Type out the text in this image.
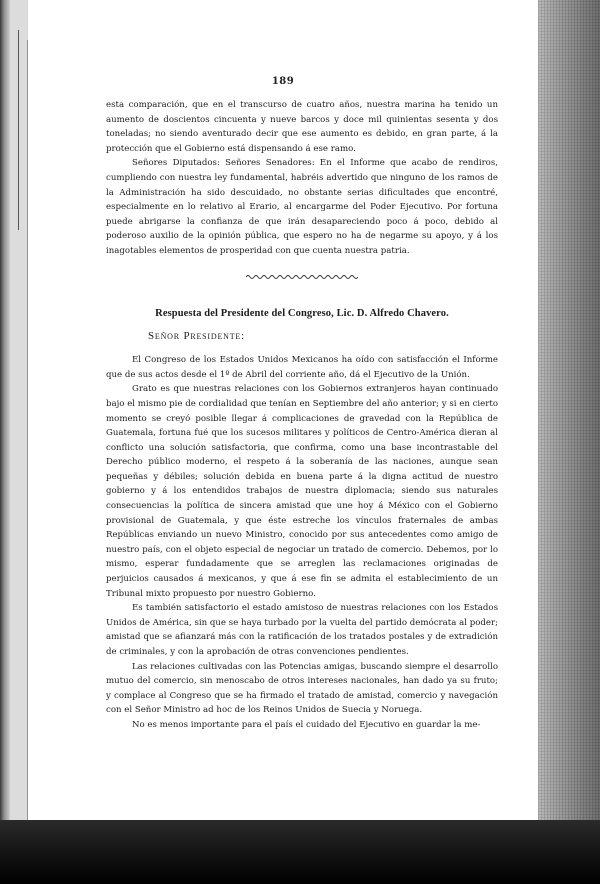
189

esta comparación, que en el transcurso de cuatro años, nuestra marina ha tenido un aumento de doscientos cincuenta y nueve barcos y doce mil quinientas sesenta y dos toneladas; no siendo aventurado decir que ese aumento es debido, en gran parte, á la protección que el Gobierno está dispensando á ese ramo.

Señores Diputados: Señores Senadores: En el Informe que acabo de rendiros, cumpliendo con nuestra ley fundamental, habréis advertido que ninguno de los ramos de la Administración ha sido descuidado, no obstante serias dificultades que encontré, especialmente en lo relativo al Erario, al encargarme del Poder Ejecutivo. Por fortuna puede abrigarse la confianza de que irán desapareciendo poco á poco, debido al poderoso auxilio de la opinión pública, que espero no ha de negarme su apoyo, y á los inagotables elementos de prosperidad con que cuenta nuestra patria.

Respuesta del Presidente del Congreso, Lic. D. Alfredo Chavero.
Señor Presidente:

El Congreso de los Estados Unidos Mexicanos ha oído con satisfacción el Informe que de sus actos desde el 1º de Abril del corriente año, dá el Ejecutivo de la Unión.

Grato es que nuestras relaciones con los Gobiernos extranjeros hayan continuado bajo el mismo pie de cordialidad que tenían en Septiembre del año anterior; y si en cierto momento se creyó posible llegar á complicaciones de gravedad con la República de Guatemala, fortuna fué que los sucesos militares y políticos de Centro-América dieran al conflicto una solución satisfactoria, que confirma, como una base incontrastable del Derecho público moderno, el respeto á la soberanía de las naciones, aunque sean pequeñas y débiles; solución debida en buena parte á la digna actitud de nuestro gobierno y á los entendidos trabajos de nuestra diplomacia; siendo sus naturales consecuencias la política de sincera amistad que une hoy á México con el Gobierno provisional de Guatemala, y que éste estreche los vínculos fraternales de ambas Repúblicas enviando un nuevo Ministro, conocido por sus antecedentes como amigo de nuestro país, con el objeto especial de negociar un tratado de comercio. Debemos, por lo mismo, esperar fundadamente que se arreglen las reclamaciones originadas de perjuicios causados á mexicanos, y que á ese fin se admita el establecimiento de un Tribunal mixto propuesto por nuestro Gobierno.

Es también satisfactorio el estado amistoso de nuestras relaciones con los Estados Unidos de América, sin que se haya turbado por la vuelta del partido demócrata al poder; amistad que se afianzará más con la ratificación de los tratados postales y de extradición de criminales, y con la aprobación de otras convenciones pendientes.

Las relaciones cultivadas con las Potencias amigas, buscando siempre el desarrollo mutuo del comercio, sin menoscabo de otros intereses nacionales, han dado ya su fruto; y complace al Congreso que se ha firmado el tratado de amistad, comercio y navegación con el Señor Ministro ad hoc de los Reinos Unidos de Suecia y Noruega.

No es menos importante para el país el cuidado del Ejecutivo en guardar la me-
